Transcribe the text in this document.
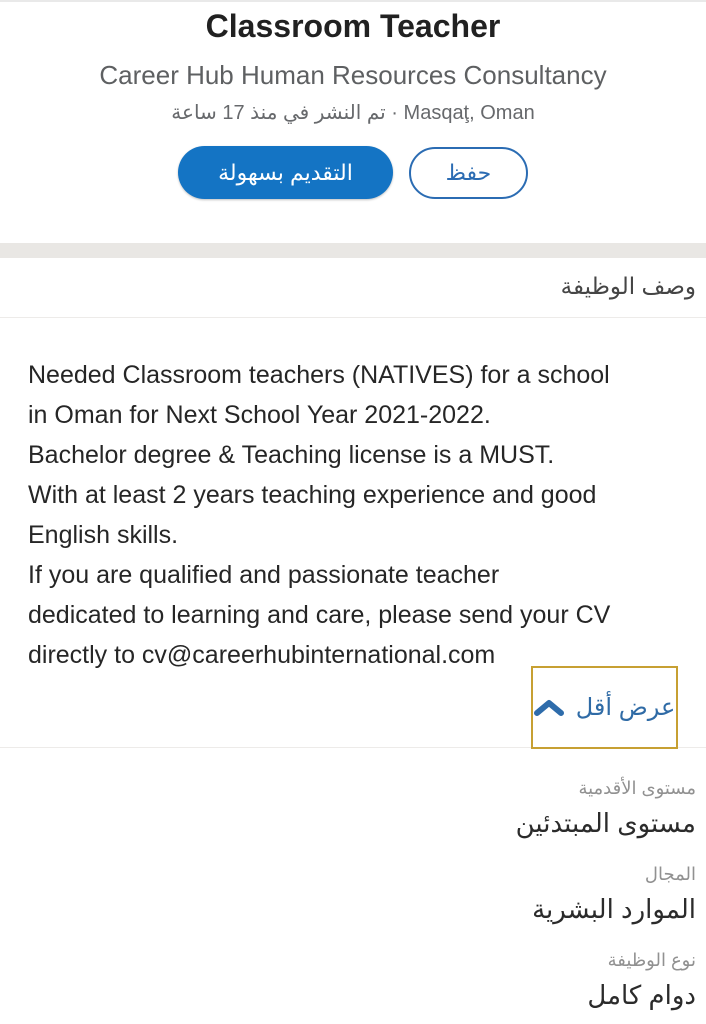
Classroom Teacher
Career Hub Human Resources Consultancy
Masqaţ, Oman · تم النشر في منذ 17 ساعة
التقديم بسهولة	حفظ
وصف الوظيفة
Needed Classroom teachers (NATIVES) for a school
in Oman for Next School Year 2021-2022.
Bachelor degree & Teaching license is a MUST.
With at least 2 years teaching experience and good
English skills.
If you are qualified and passionate teacher
dedicated to learning and care, please send your CV
directly to cv@careerhubinternational.com
عرض أقل
مستوى الأقدمية
مستوى المبتدئين
المجال
الموارد البشرية
نوع الوظيفة
دوام كامل
